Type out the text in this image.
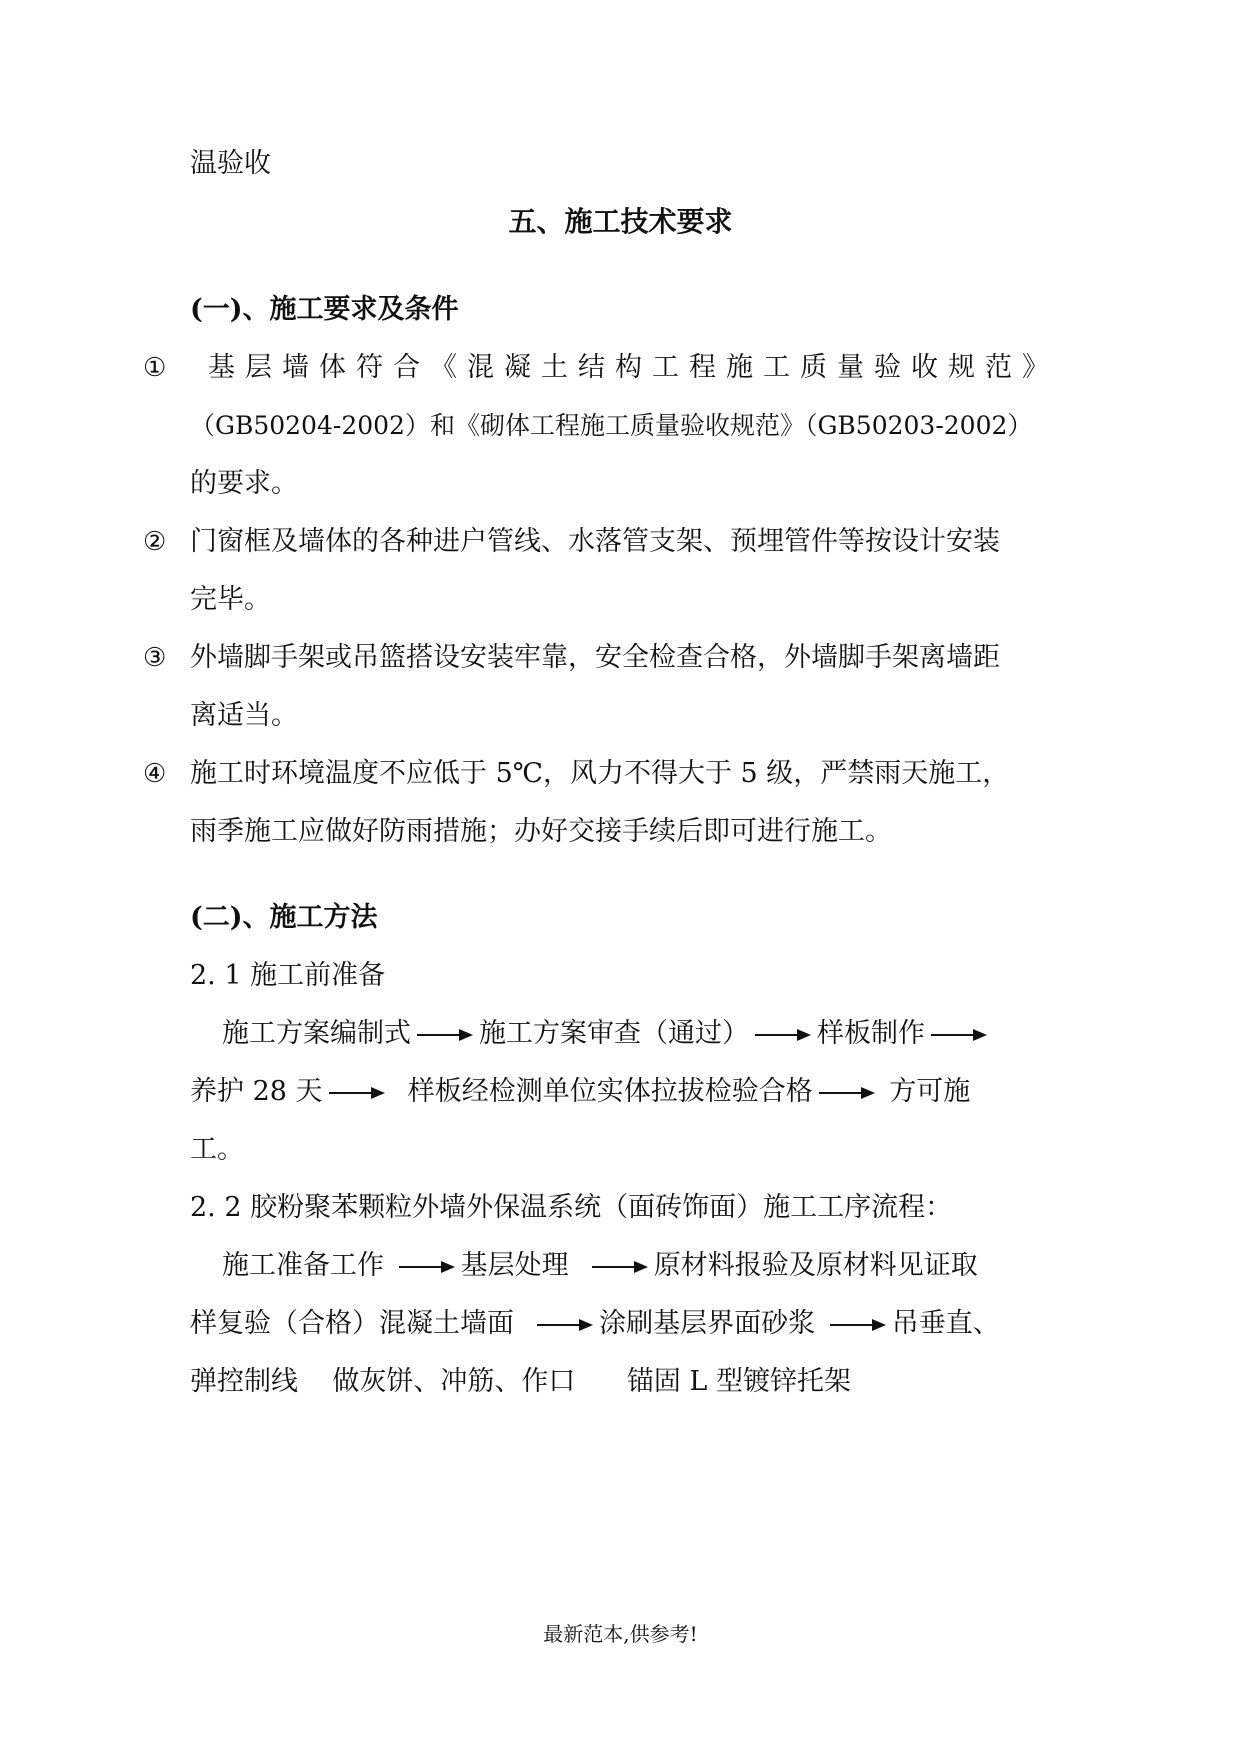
温验收
五、施工技术要求
(一)、施工要求及条件
① 基层墙体符合《混凝土结构工程施工质量验收规范》
（GB50204-2002）和《砌体工程施工质量验收规范》（GB50203-2002）
的要求。
② 门窗框及墙体的各种进户管线、水落管支架、预埋管件等按设计安装
完毕。
③ 外墙脚手架或吊篮搭设安装牢靠，安全检查合格，外墙脚手架离墙距
离适当。
④ 施工时环境温度不应低于 5℃，风力不得大于 5 级，严禁雨天施工，
雨季施工应做好防雨措施；办好交接手续后即可进行施工。
(二)、施工方法
2. 1 施工前准备
施工方案编制式	施工方案审查（通过）	样板制作
养护 28 天	样板经检测单位实体拉拔检验合格	方可施
工。
2. 2 胶粉聚苯颗粒外墙外保温系统（面砖饰面）施工工序流程：
施工准备工作	基层处理	原材料报验及原材料见证取
样复验（合格）混凝土墙面	涂刷基层界面砂浆	吊垂直、
弹控制线 做灰饼、冲筋、作口 锚固 L 型镀锌托架
最新范本,供参考!
